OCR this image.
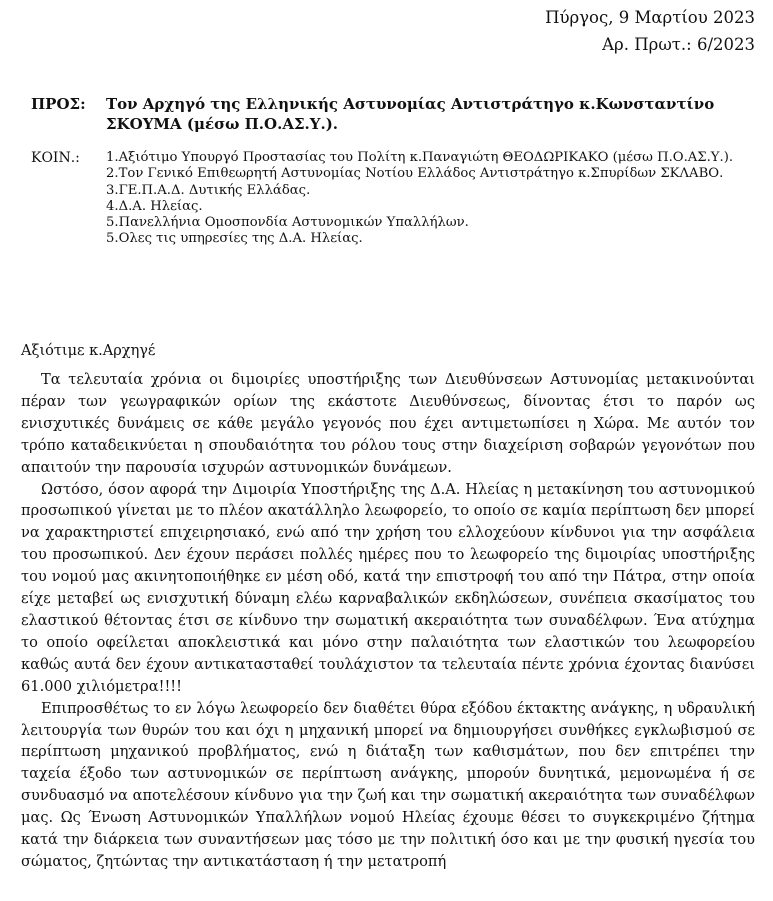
Πύργος, 9 Μαρτίου 2023
Αρ. Πρωτ.: 6/2023
ΠΡΟΣ:	Τον Αρχηγό της Ελληνικής Αστυνομίας Αντιστράτηγο κ.Κωνσταντίνο ΣΚΟΥΜΑ (μέσω Π.Ο.ΑΣ.Υ.).
ΚΟΙΝ.:	1.Αξιότιμο Υπουργό Προστασίας του Πολίτη κ.Παναγιώτη ΘΕΟΔΩΡΙΚΑΚΟ (μέσω Π.Ο.ΑΣ.Υ.).
2.Τον Γενικό Επιθεωρητή Αστυνομίας Νοτίου Ελλάδος Αντιστράτηγο κ.Σπυρίδων ΣΚΛΑΒΟ.
3.ΓΕ.Π.Α.Δ. Δυτικής Ελλάδας.
4.Δ.Α. Ηλείας.
5.Πανελλήνια Ομοσπονδία Αστυνομικών Υπαλλήλων.
5.Ολες τις υπηρεσίες της Δ.Α. Ηλείας.
Αξιότιμε κ.Αρχηγέ

Τα τελευταία χρόνια οι διμοιρίες υποστήριξης των Διευθύνσεων Αστυνομίας μετακινούνται πέραν των γεωγραφικών ορίων της εκάστοτε Διευθύνσεως, δίνοντας έτσι το παρόν ως ενισχυτικές δυνάμεις σε κάθε μεγάλο γεγονός που έχει αντιμετωπίσει η Χώρα. Με αυτόν τον τρόπο καταδεικνύεται η σπουδαιότητα του ρόλου τους στην διαχείριση σοβαρών γεγονότων που απαιτούν την παρουσία ισχυρών αστυνομικών δυνάμεων.

Ωστόσο, όσον αφορά την Διμοιρία Υποστήριξης της Δ.Α. Ηλείας η μετακίνηση του αστυνομικού προσωπικού γίνεται με το πλέον ακατάλληλο λεωφορείο, το οποίο σε καμία περίπτωση δεν μπορεί να χαρακτηριστεί επιχειρησιακό, ενώ από την χρήση του ελλοχεύουν κίνδυνοι για την ασφάλεια του προσωπικού. Δεν έχουν περάσει πολλές ημέρες που το λεωφορείο της διμοιρίας υποστήριξης του νομού μας ακινητοποιήθηκε εν μέση οδό, κατά την επιστροφή του από την Πάτρα, στην οποία είχε μεταβεί ως ενισχυτική δύναμη ελέω καρναβαλικών εκδηλώσεων, συνέπεια σκασίματος του ελαστικού θέτοντας έτσι σε κίνδυνο την σωματική ακεραιότητα των συναδέλφων. Ένα ατύχημα το οποίο οφείλεται αποκλειστικά και μόνο στην παλαιότητα των ελαστικών του λεωφορείου καθώς αυτά δεν έχουν αντικατασταθεί τουλάχιστον τα τελευταία πέντε χρόνια έχοντας διανύσει 61.000 χιλιόμετρα!!!!

Επιπροσθέτως το εν λόγω λεωφορείο δεν διαθέτει θύρα εξόδου έκτακτης ανάγκης, η υδραυλική λειτουργία των θυρών του και όχι η μηχανική μπορεί να δημιουργήσει συνθήκες εγκλωβισμού σε περίπτωση μηχανικού προβλήματος, ενώ η διάταξη των καθισμάτων, που δεν επιτρέπει την ταχεία έξοδο των αστυνομικών σε περίπτωση ανάγκης, μπορούν δυνητικά, μεμονωμένα ή σε συνδυασμό να αποτελέσουν κίνδυνο για την ζωή και την σωματική ακεραιότητα των συναδέλφων μας. Ως Ένωση Αστυνομικών Υπαλλήλων νομού Ηλείας έχουμε θέσει το συγκεκριμένο ζήτημα κατά την διάρκεια των συναντήσεων μας τόσο με την πολιτική όσο και με την φυσική ηγεσία του σώματος, ζητώντας την αντικατάσταση ή την μετατροπή
